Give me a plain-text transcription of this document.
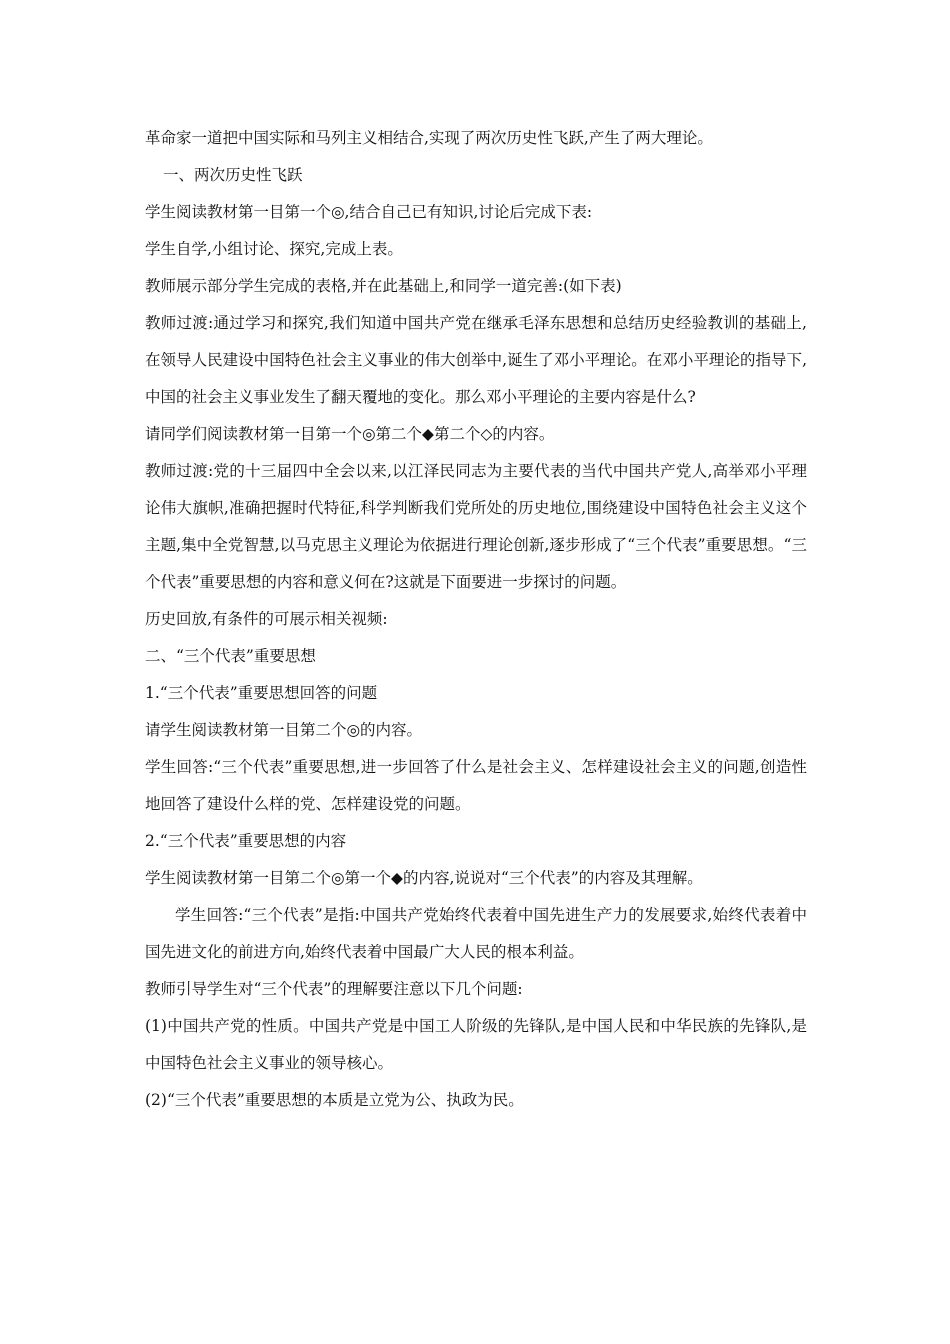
革命家一道把中国实际和马列主义相结合,实现了两次历史性飞跃,产生了两大理论。

一、两次历史性飞跃

学生阅读教材第一目第一个◎,结合自己已有知识,讨论后完成下表:

学生自学,小组讨论、探究,完成上表。

教师展示部分学生完成的表格,并在此基础上,和同学一道完善:(如下表)

教师过渡:通过学习和探究,我们知道中国共产党在继承毛泽东思想和总结历史经验教训的基础上,在领导人民建设中国特色社会主义事业的伟大创举中,诞生了邓小平理论。在邓小平理论的指导下,中国的社会主义事业发生了翻天覆地的变化。那么邓小平理论的主要内容是什么?

请同学们阅读教材第一目第一个◎第二个◆第二个◇的内容。

教师过渡:党的十三届四中全会以来,以江泽民同志为主要代表的当代中国共产党人,高举邓小平理论伟大旗帜,准确把握时代特征,科学判断我们党所处的历史地位,围绕建设中国特色社会主义这个主题,集中全党智慧,以马克思主义理论为依据进行理论创新,逐步形成了“三个代表”重要思想。“三个代表”重要思想的内容和意义何在?这就是下面要进一步探讨的问题。

历史回放,有条件的可展示相关视频:

二、“三个代表”重要思想

1.“三个代表”重要思想回答的问题

请学生阅读教材第一目第二个◎的内容。

学生回答:“三个代表”重要思想,进一步回答了什么是社会主义、怎样建设社会主义的问题,创造性地回答了建设什么样的党、怎样建设党的问题。

2.“三个代表”重要思想的内容

学生阅读教材第一目第二个◎第一个◆的内容,说说对“三个代表”的内容及其理解。

学生回答:“三个代表”是指:中国共产党始终代表着中国先进生产力的发展要求,始终代表着中国先进文化的前进方向,始终代表着中国最广大人民的根本利益。

教师引导学生对“三个代表”的理解要注意以下几个问题:

(1)中国共产党的性质。中国共产党是中国工人阶级的先锋队,是中国人民和中华民族的先锋队,是中国特色社会主义事业的领导核心。

(2)“三个代表”重要思想的本质是立党为公、执政为民。
